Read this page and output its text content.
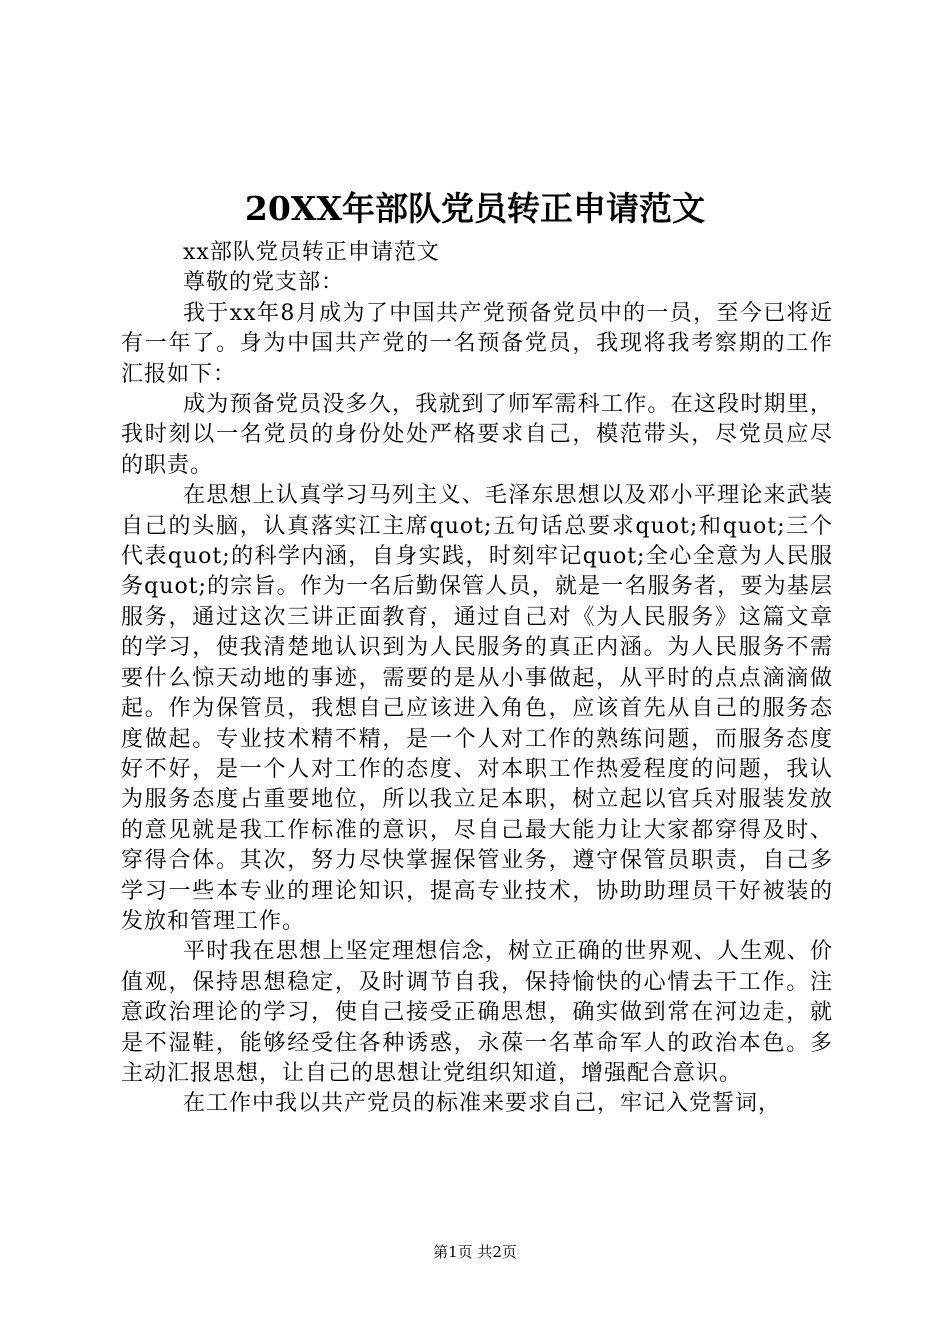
20XX年部队党员转正申请范文

xx部队党员转正申请范文

尊敬的党支部：

我于xx年8月成为了中国共产党预备党员中的一员，至今已将近有一年了。身为中国共产党的一名预备党员，我现将我考察期的工作汇报如下：

成为预备党员没多久，我就到了师军需科工作。在这段时期里，我时刻以一名党员的身份处处严格要求自己，模范带头，尽党员应尽的职责。

在思想上认真学习马列主义、毛泽东思想以及邓小平理论来武装自己的头脑，认真落实江主席quot;五句话总要求quot;和quot;三个代表quot;的科学内涵，自身实践，时刻牢记quot;全心全意为人民服务quot;的宗旨。作为一名后勤保管人员，就是一名服务者，要为基层服务，通过这次三讲正面教育，通过自己对《为人民服务》这篇文章的学习，使我清楚地认识到为人民服务的真正内涵。为人民服务不需要什么惊天动地的事迹，需要的是从小事做起，从平时的点点滴滴做起。作为保管员，我想自己应该进入角色，应该首先从自己的服务态度做起。专业技术精不精，是一个人对工作的熟练问题，而服务态度好不好，是一个人对工作的态度、对本职工作热爱程度的问题，我认为服务态度占重要地位，所以我立足本职，树立起以官兵对服装发放的意见就是我工作标准的意识，尽自己最大能力让大家都穿得及时、穿得合体。其次，努力尽快掌握保管业务，遵守保管员职责，自己多学习一些本专业的理论知识，提高专业技术，协助助理员干好被装的发放和管理工作。

平时我在思想上坚定理想信念，树立正确的世界观、人生观、价值观，保持思想稳定，及时调节自我，保持愉快的心情去干工作。注意政治理论的学习，使自己接受正确思想，确实做到常在河边走，就是不湿鞋，能够经受住各种诱惑，永葆一名革命军人的政治本色。多主动汇报思想，让自己的思想让党组织知道，增强配合意识。

在工作中我以共产党员的标准来要求自己，牢记入党誓词，

第1页 共2页
